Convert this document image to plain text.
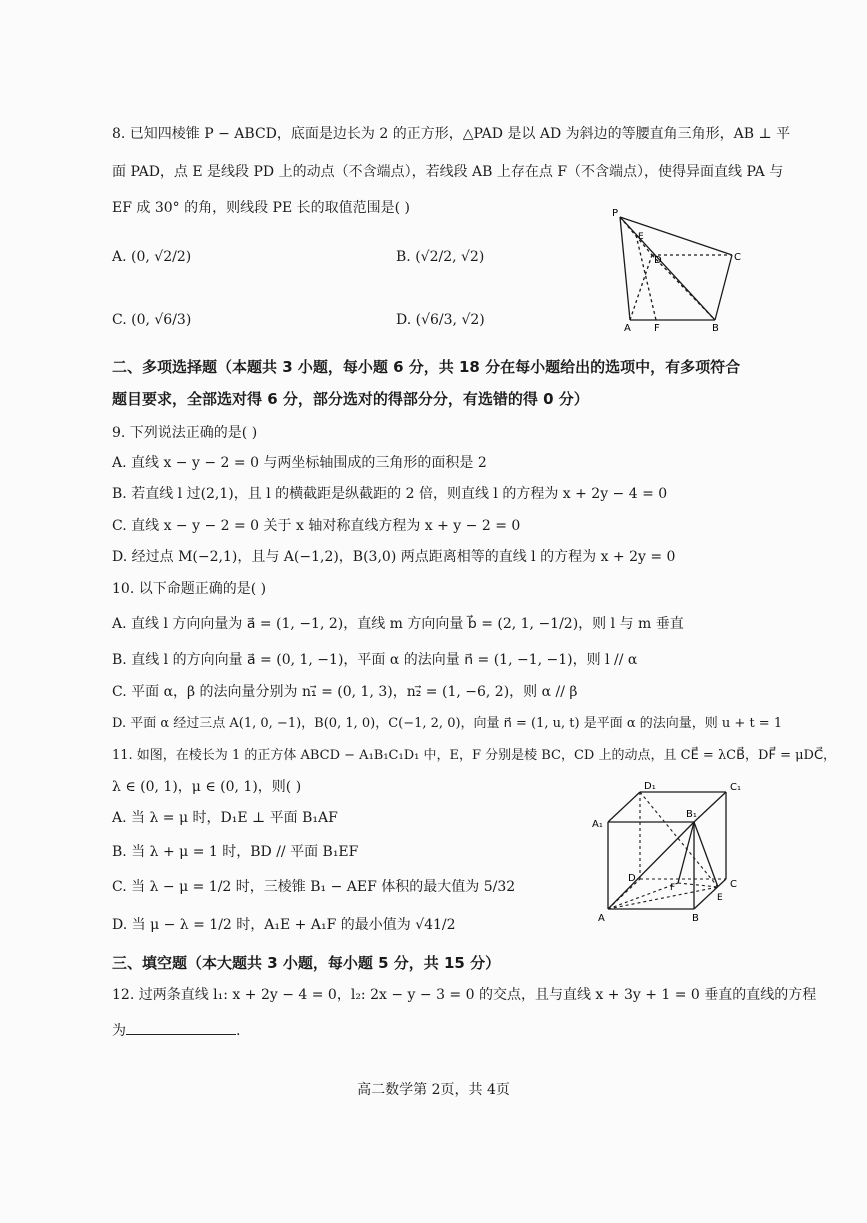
8. 已知四棱锥 P − ABCD，底面是边长为 2 的正方形，△PAD 是以 AD 为斜边的等腰直角三角形，AB ⊥ 平
面 PAD，点 E 是线段 PD 上的动点（不含端点），若线段 AB 上存在点 F（不含端点），使得异面直线 PA 与
EF 成 30° 的角，则线段 PE 长的取值范围是( )
A. (0, √2/2)	B. (√2/2, √2)
C. (0, √6/3)	D. (√6/3, √2)
P
D	C
A F	B
E
二、多项选择题（本题共 3 小题，每小题 6 分，共 18 分在每小题给出的选项中，有多项符合
题目要求，全部选对得 6 分，部分选对的得部分分，有选错的得 0 分）
9. 下列说法正确的是( )
A. 直线 x − y − 2 = 0 与两坐标轴围成的三角形的面积是 2
B. 若直线 l 过(2,1)，且 l 的横截距是纵截距的 2 倍，则直线 l 的方程为 x + 2y − 4 = 0
C. 直线 x − y − 2 = 0 关于 x 轴对称直线方程为 x + y − 2 = 0
D. 经过点 M(−2,1)，且与 A(−1,2)，B(3,0) 两点距离相等的直线 l 的方程为 x + 2y = 0
10. 以下命题正确的是( )
A. 直线 l 方向向量为 a⃗ = (1, −1, 2)，直线 m 方向向量 b⃗ = (2, 1, −1/2)，则 l 与 m 垂直
B. 直线 l 的方向向量 a⃗ = (0, 1, −1)，平面 α 的法向量 n⃗ = (1, −1, −1)，则 l // α
C. 平面 α，β 的法向量分别为 n₁⃗ = (0, 1, 3)，n₂⃗ = (1, −6, 2)，则 α // β
D. 平面 α 经过三点 A(1, 0, −1)，B(0, 1, 0)，C(−1, 2, 0)，向量 n⃗ = (1, u, t) 是平面 α 的法向量，则 u + t = 1
11. 如图，在棱长为 1 的正方体 ABCD − A₁B₁C₁D₁ 中，E，F 分别是棱 BC，CD 上的动点，且 CE⃗ = λCB⃗，DF⃗ = μDC⃗，
λ ∈ (0, 1)，μ ∈ (0, 1)，则( )
A. 当 λ = μ 时，D₁E ⊥ 平面 B₁AF
B. 当 λ + μ = 1 时，BD // 平面 B₁EF
C. 当 λ − μ = 1/2 时，三棱锥 B₁ − AEF 体积的最大值为 5/32
D. 当 μ − λ = 1/2 时，A₁E + A₁F 的最小值为 √41/2
D₁	C₁
A₁
B₁
D
F	C
E
A	B
三、填空题（本大题共 3 小题，每小题 5 分，共 15 分）
12. 过两条直线 l₁: x + 2y − 4 = 0，l₂: 2x − y − 3 = 0 的交点，且与直线 x + 3y + 1 = 0 垂直的直线的方程
为	.
高二数学第 2页，共 4页
